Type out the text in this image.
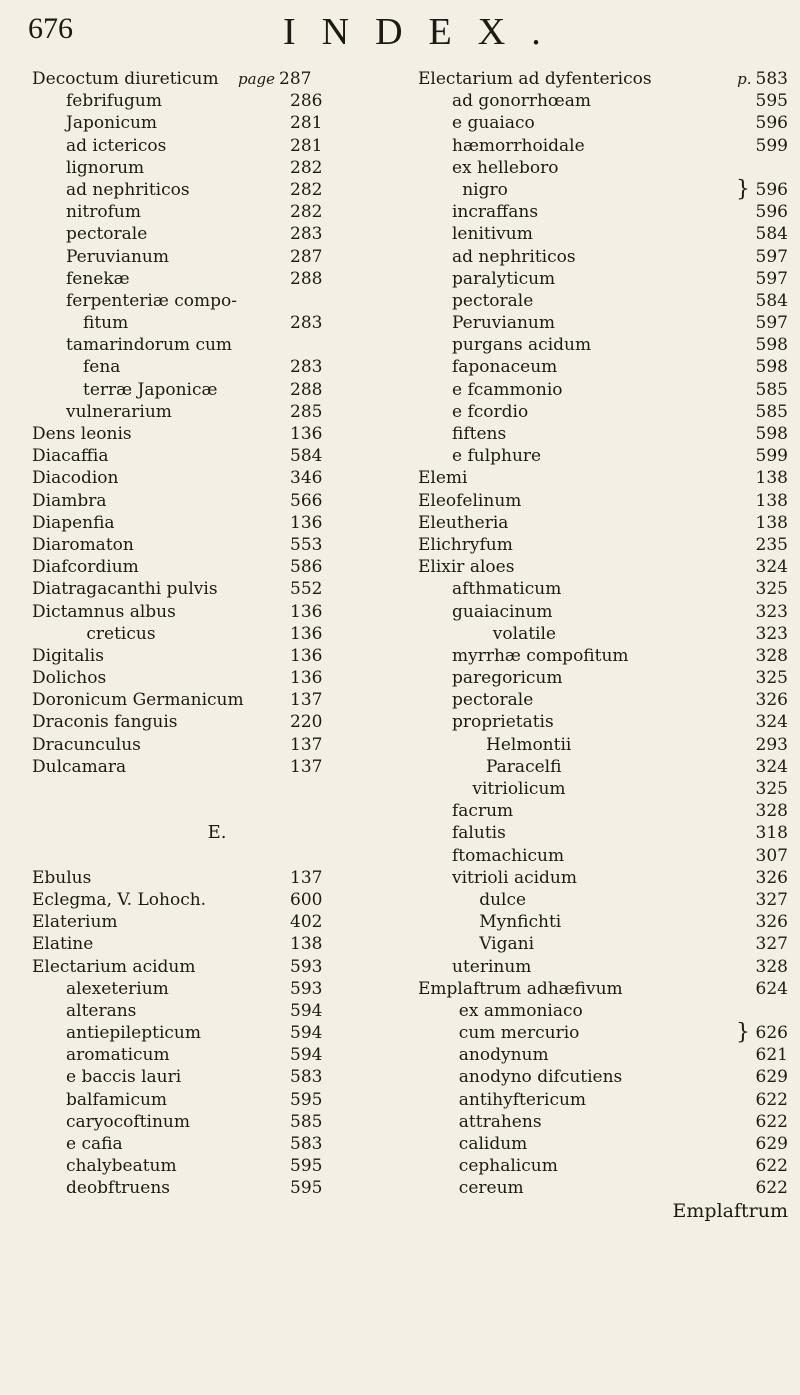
676	INDEX.
Decoctum diureticum page 287
febrifugum	286
Japonicum	281
ad ictericos	281
lignorum	282
ad nephriticos	282
nitrofum	282
pectorale	283
Peruvianum	287
fenekæ	288
ferpenteriæ compo-
fitum	283
tamarindorum cum
fena	283
terræ Japonicæ	288
vulnerarium	285
Dens leonis	136
Diacaffia	584
Diacodion	346
Diambra	566
Diapenfia	136
Diaromaton	553
Diafcordium	586
Diatragacanthi pulvis	552
Dictamnus albus	136
creticus	136
Digitalis	136
Dolichos	136
Doronicum Germanicum	137
Draconis fanguis	220
Dracunculus	137
Dulcamara	137
E.
Ebulus	137
Eclegma, V. Lohoch.	600
Elaterium	402
Elatine	138
Electarium acidum	593
alexeterium	593
alterans	594
antiepilepticum	594
aromaticum	594
e baccis lauri	583
balfamicum	595
caryocoftinum	585
e cafia	583
chalybeatum	595
deobftruens	595
Electarium ad dyfentericos	p. 583
ad gonorrhœam	595
e guaiaco	596
hæmorrhoidale	599
ex helleboro
nigro	} 596
incraffans	596
lenitivum	584
ad nephriticos	597
paralyticum	597
pectorale	584
Peruvianum	597
purgans acidum	598
faponaceum	598
e fcammonio	585
e fcordio	585
fiftens	598
e fulphure	599
Elemi	138
Eleofelinum	138
Eleutheria	138
Elichryfum	235
Elixir aloes	324
afthmaticum	325
guaiacinum	323
volatile	323
myrrhæ compofitum	328
paregoricum	325
pectorale	326
proprietatis	324
Helmontii	293
Paracelfi	324
vitriolicum	325
facrum	328
falutis	318
ftomachicum	307
vitrioli acidum	326
dulce	327
Mynfichti	326
Vigani	327
uterinum	328
Emplaftrum adhæfivum	624
ex ammoniaco
cum mercurio	} 626
anodynum	621
anodyno difcutiens	629
antihyftericum	622
attrahens	622
calidum	629
cephalicum	622
cereum	622
Emplaftrum
